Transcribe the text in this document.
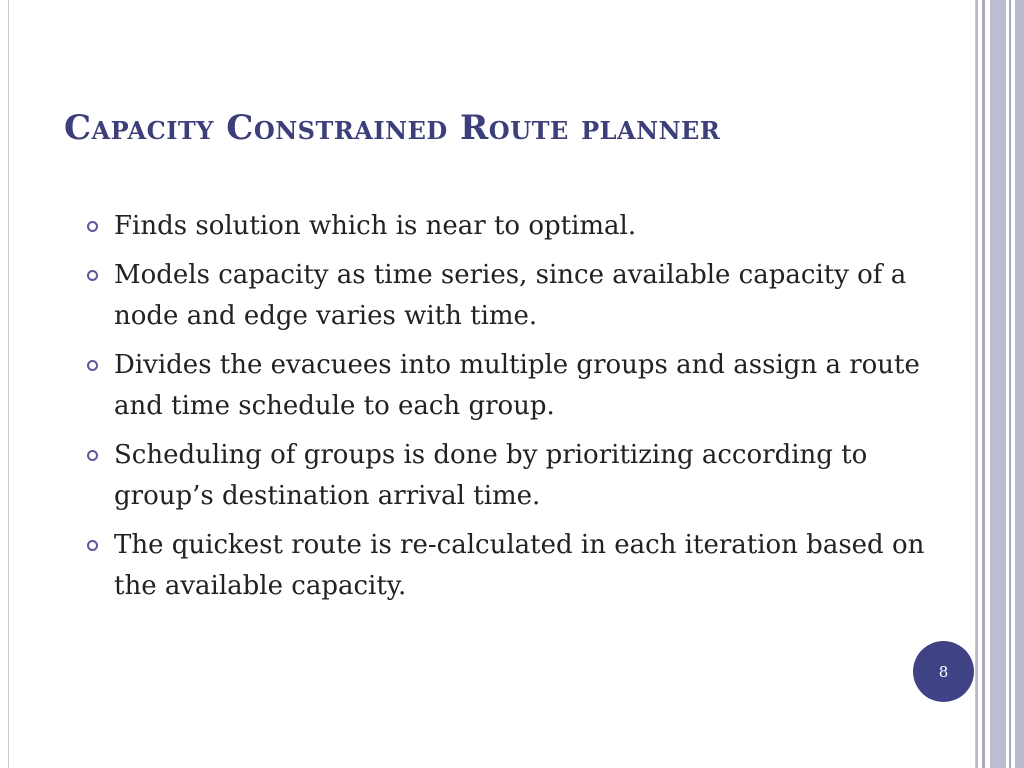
Capacity Constrained Route planner
Finds solution which is near to optimal.
Models capacity as time series, since available capacity of a node and edge varies with time.
Divides the evacuees into multiple groups and assign a route and time schedule to each group.
Scheduling of groups is done by prioritizing according to group’s destination arrival time.
The quickest route is re-calculated in each iteration based on the available capacity.
8
